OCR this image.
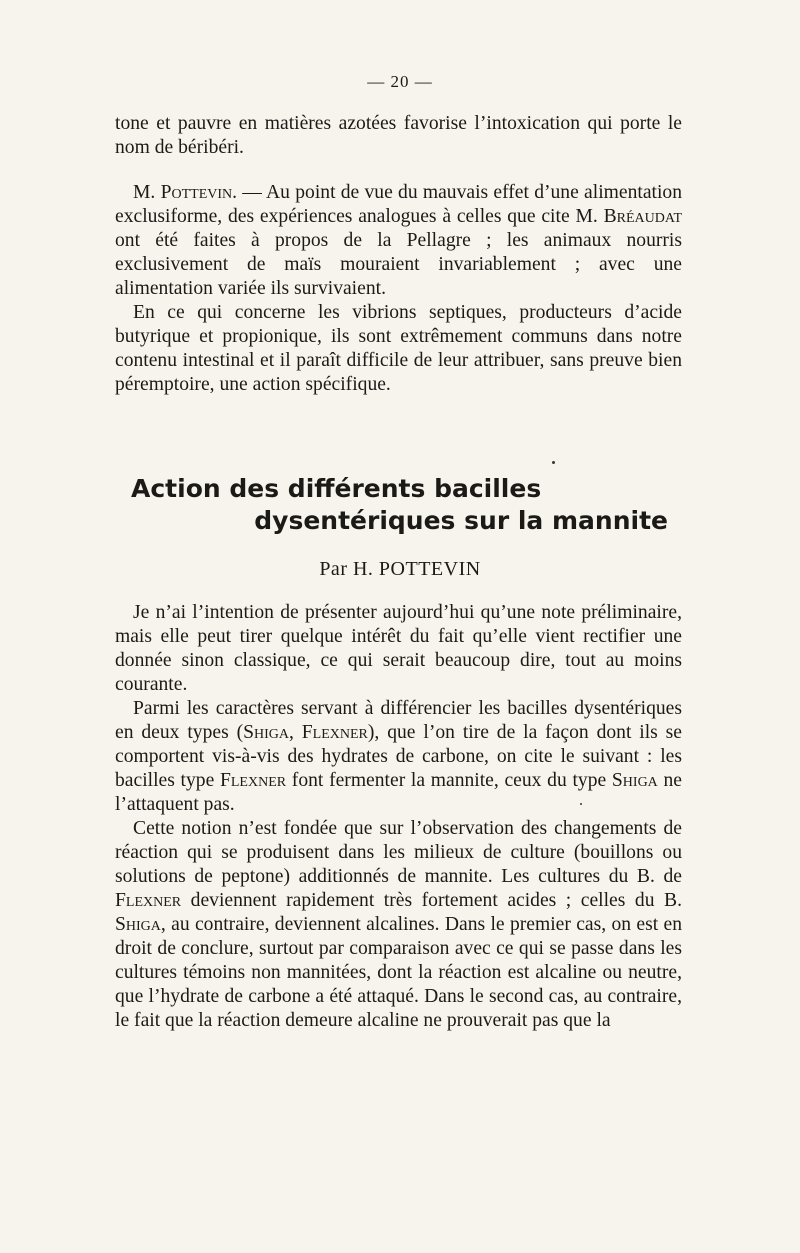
— 20 —

tone et pauvre en matières azotées favorise l’intoxication qui porte le nom de béribéri.

M. Pottevin. — Au point de vue du mauvais effet d’une alimentation exclusiforme, des expériences analogues à celles que cite M. Bréaudat ont été faites à propos de la Pellagre ; les animaux nourris exclusivement de maïs mouraient invariablement ; avec une alimentation variée ils survivaient.

En ce qui concerne les vibrions septiques, producteurs d’acide butyrique et propionique, ils sont extrêmement communs dans notre contenu intestinal et il paraît difficile de leur attribuer, sans preuve bien péremptoire, une action spécifique.

Action des différents bacilles
dysentériques sur la mannite
Par H. POTTEVIN

Je n’ai l’intention de présenter aujourd’hui qu’une note préliminaire, mais elle peut tirer quelque intérêt du fait qu’elle vient rectifier une donnée sinon classique, ce qui serait beaucoup dire, tout au moins courante.

Parmi les caractères servant à différencier les bacilles dysentériques en deux types (Shiga, Flexner), que l’on tire de la façon dont ils se comportent vis-à-vis des hydrates de carbone, on cite le suivant : les bacilles type Flexner font fermenter la mannite, ceux du type Shiga ne l’attaquent pas.

Cette notion n’est fondée que sur l’observation des changements de réaction qui se produisent dans les milieux de culture (bouillons ou solutions de peptone) additionnés de mannite. Les cultures du B. de Flexner deviennent rapidement très fortement acides ; celles du B. Shiga, au contraire, deviennent alcalines. Dans le premier cas, on est en droit de conclure, surtout par comparaison avec ce qui se passe dans les cultures témoins non mannitées, dont la réaction est alcaline ou neutre, que l’hydrate de carbone a été attaqué. Dans le second cas, au contraire, le fait que la réaction demeure alcaline ne prouverait pas que la
